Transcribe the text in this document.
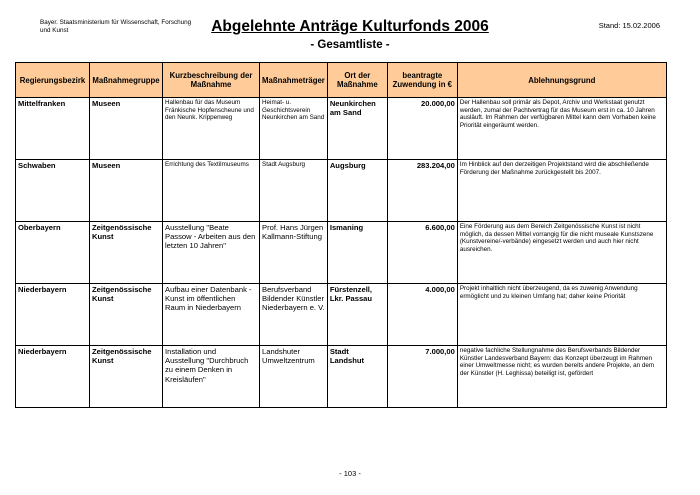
Bayer. Staatsministerium für Wissenschaft, Forschung und Kunst	Abgelehnte Anträge Kulturfonds 2006
- Gesamtliste -
Stand: 15.02.2006
Regierungsbezirk	Maßnahmegruppe	Kurzbeschreibung der Maßnahme	Maßnahmeträger	Ort der Maßnahme	beantragte Zuwendung in €	Ablehnungsgrund
Mittelfranken	Museen	Hallenbau für das Museum Fränkische Hopfenscheune und den Neunk. Krippenweg	Heimat- u. Geschichtsverein Neunkirchen am Sand	Neunkirchen am Sand	20.000,00	Der Hallenbau soll primär als Depot, Archiv und Werkstaat genutzt werden, zumal der Pachtvertrag für das Museum erst in ca. 10 Jahren ausläuft. Im Rahmen der verfügbaren Mittel kann dem Vorhaben keine Priorität eingeräumt werden.
Schwaben	Museen	Errichtung des Textilmuseums	Stadt Augsburg	Augsburg	283.204,00	Im Hinblick auf den derzeitigen Projektstand wird die abschließende Förderung der Maßnahme zurückgestellt bis 2007.
Oberbayern	Zeitgenössische Kunst	Ausstellung "Beate Passow - Arbeiten aus den letzten 10 Jahren"	Prof. Hans Jürgen Kallmann-Stiftung	Ismaning	6.600,00	Eine Förderung aus dem Bereich Zeitgenössische Kunst ist nicht möglich, da dessen Mittel vorrangig für die nicht museale Kunstszene (Kunstvereine/-verbände) eingesetzt werden und auch hier nicht ausreichen.
Niederbayern	Zeitgenössische Kunst	Aufbau einer Datenbank - Kunst im öffentlichen Raum in Niederbayern	Berufsverband Bildender Künstler Niederbayern e. V.	Fürstenzell, Lkr. Passau	4.000,00	Projekt inhaltlich nicht überzeugend, da es zuwenig Anwendung ermöglicht und zu kleinen Umfang hat; daher keine Priorität
Niederbayern	Zeitgenössische Kunst	Installation und Ausstellung "Durchbruch zu einem Denken in Kreisläufen"	Landshuter Umweltzentrum	Stadt Landshut	7.000,00	negative fachliche Stellungnahme des Berufsverbands Bildender Künstler Landesverband Bayern: das Konzept überzeugt im Rahmen einer Umweltmesse nicht; es wurden bereits andere Projekte, an dem der Künstler (H. Leghissa) beteiligt ist, gefördert
- 103 -
